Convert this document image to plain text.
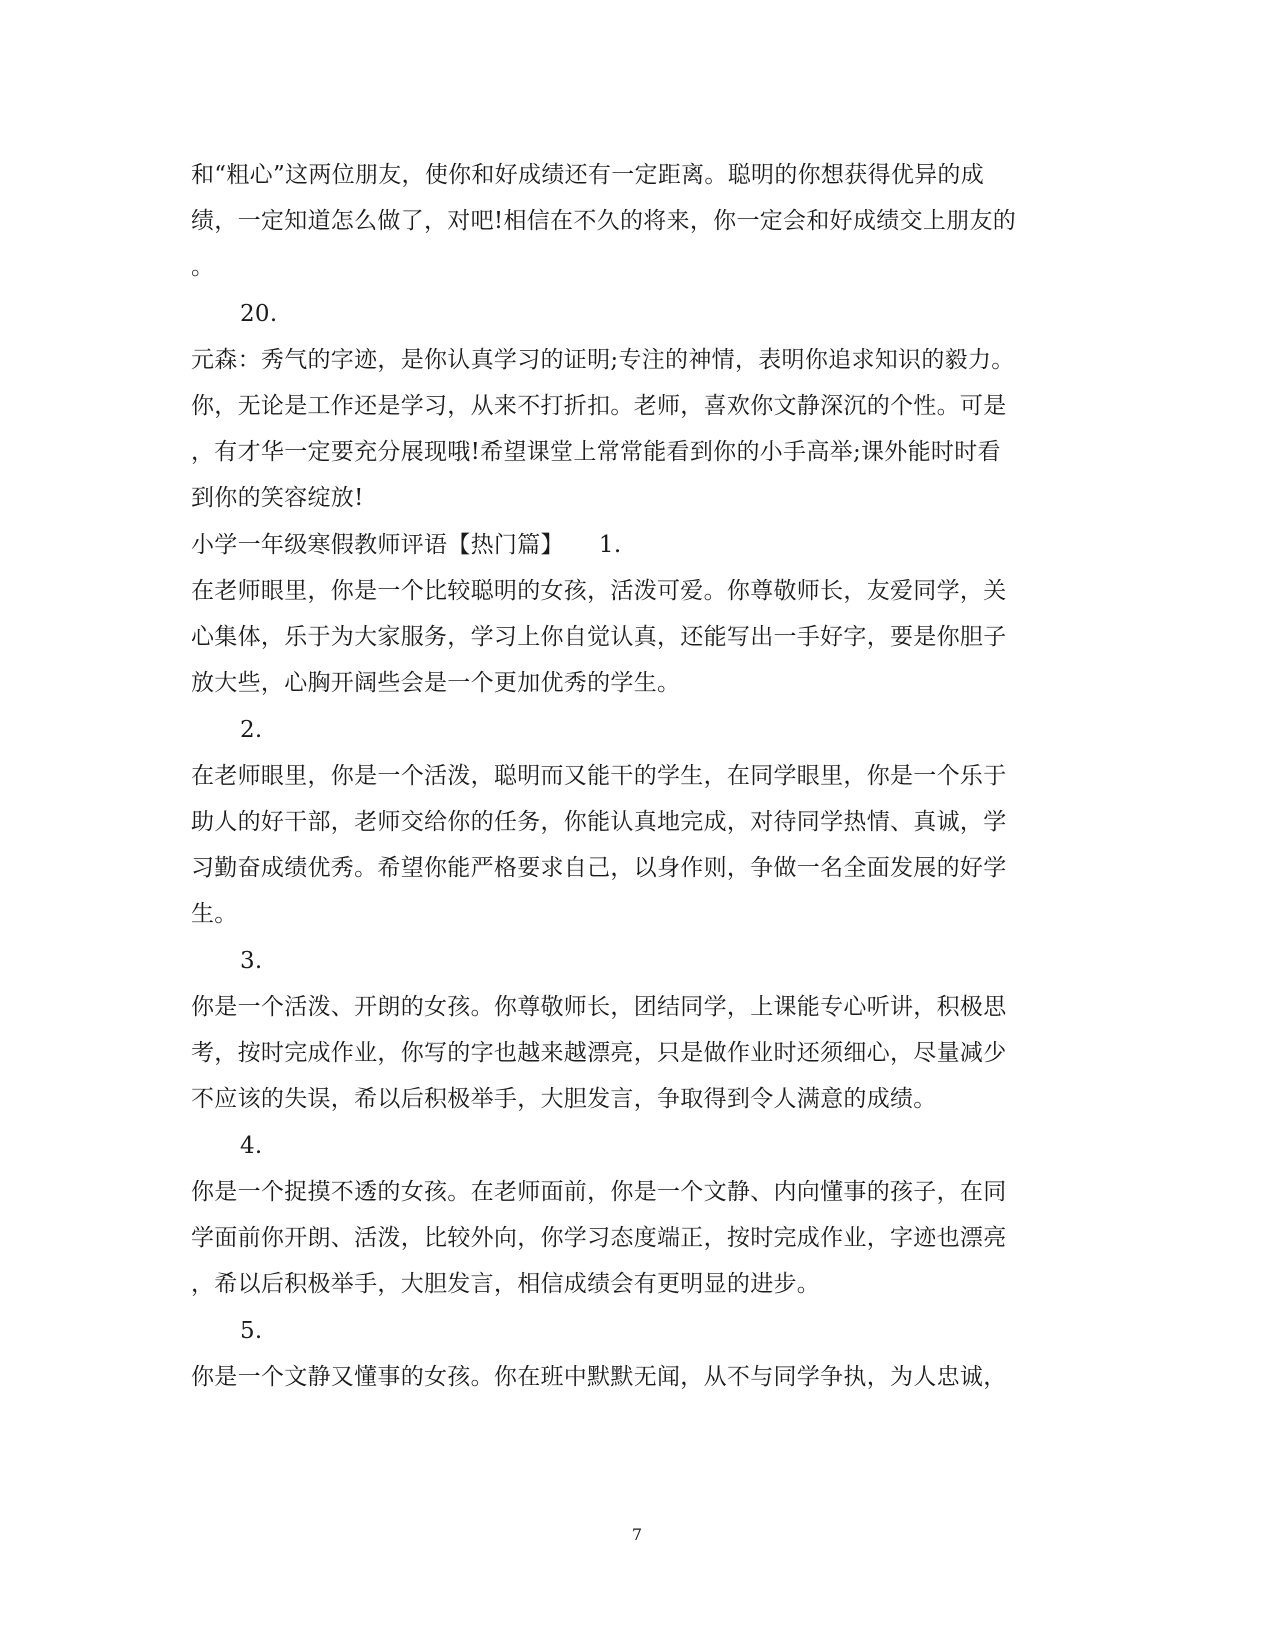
和“粗心”这两位朋友，使你和好成绩还有一定距离。聪明的你想获得优异的成
绩，一定知道怎么做了，对吧!相信在不久的将来，你一定会和好成绩交上朋友的
。
20.
元森：秀气的字迹，是你认真学习的证明;专注的神情，表明你追求知识的毅力。
你，无论是工作还是学习，从来不打折扣。老师，喜欢你文静深沉的个性。可是
，有才华一定要充分展现哦!希望课堂上常常能看到你的小手高举;课外能时时看
到你的笑容绽放!
小学一年级寒假教师评语【热门篇】　　1.
在老师眼里，你是一个比较聪明的女孩，活泼可爱。你尊敬师长，友爱同学，关
心集体，乐于为大家服务，学习上你自觉认真，还能写出一手好字，要是你胆子
放大些，心胸开阔些会是一个更加优秀的学生。
2.
在老师眼里，你是一个活泼，聪明而又能干的学生，在同学眼里，你是一个乐于
助人的好干部，老师交给你的任务，你能认真地完成，对待同学热情、真诚，学
习勤奋成绩优秀。希望你能严格要求自己，以身作则，争做一名全面发展的好学
生。
3.
你是一个活泼、开朗的女孩。你尊敬师长，团结同学，上课能专心听讲，积极思
考，按时完成作业，你写的字也越来越漂亮，只是做作业时还须细心，尽量减少
不应该的失误，希以后积极举手，大胆发言，争取得到令人满意的成绩。
4.
你是一个捉摸不透的女孩。在老师面前，你是一个文静、内向懂事的孩子，在同
学面前你开朗、活泼，比较外向，你学习态度端正，按时完成作业，字迹也漂亮
，希以后积极举手，大胆发言，相信成绩会有更明显的进步。
5.
你是一个文静又懂事的女孩。你在班中默默无闻，从不与同学争执，为人忠诚，
7
